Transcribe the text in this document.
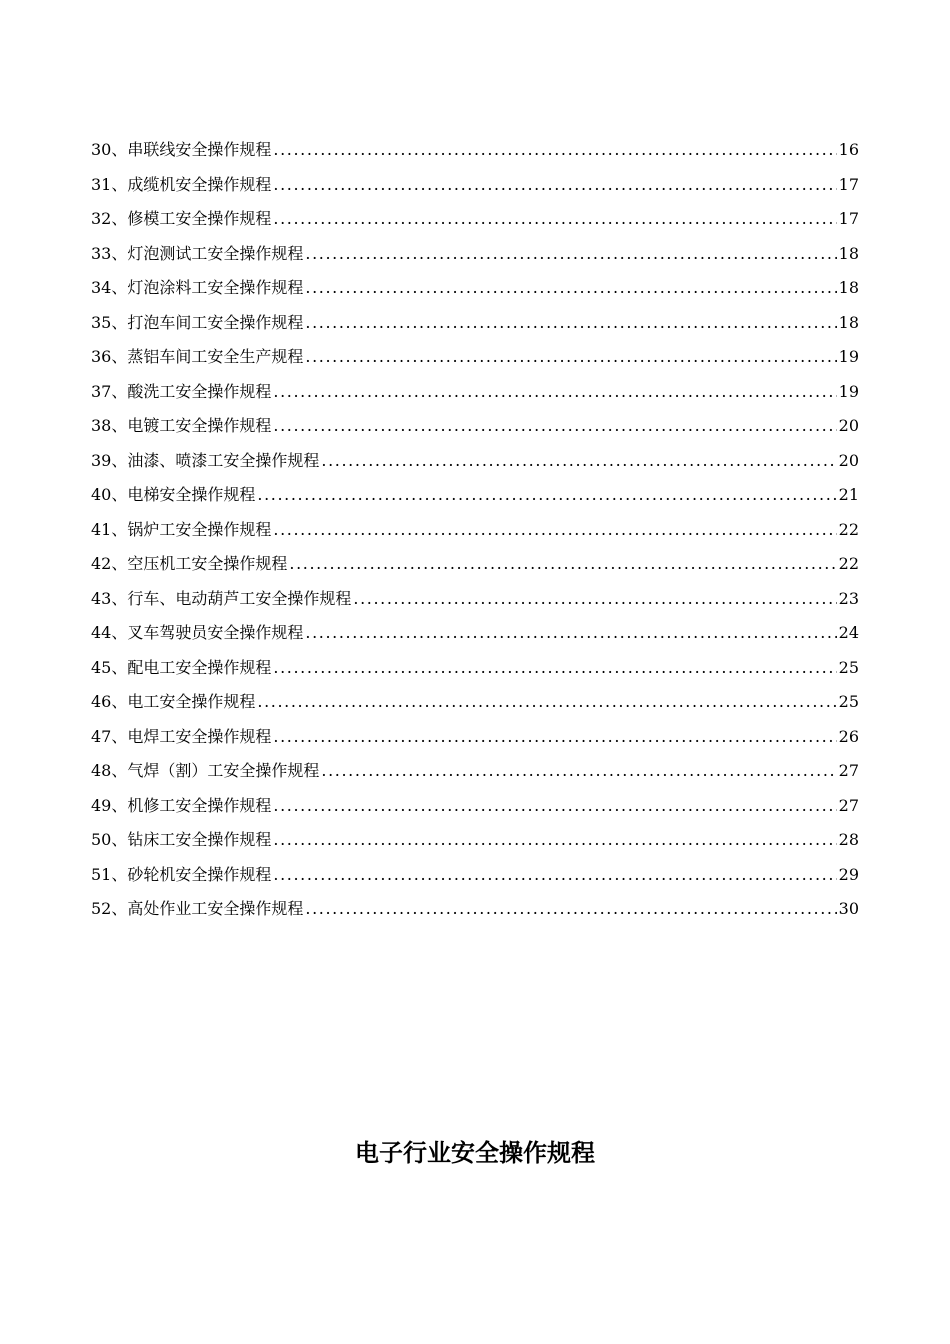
30、 串联线安全操作规程 .....	16
31、 成缆机安全操作规程 .....	17
32、 修模工安全操作规程 .....	17
33、 灯泡测试工安全操作规程 .....	18
34、 灯泡涂料工安全操作规程 .....	18
35、 打泡车间工安全操作规程 .....	18
36、 蒸铝车间工安全生产规程 .....	19
37、 酸洗工安全操作规程 .....	19
38、 电镀工安全操作规程 .....	20
39、 油漆、喷漆工安全操作规程 .....	20
40、 电梯安全操作规程 .....	21
41、 锅炉工安全操作规程 .....	22
42、 空压机工安全操作规程 .....	22
43、 行车、电动葫芦工安全操作规程 .....	23
44、 叉车驾驶员安全操作规程 .....	24
45、 配电工安全操作规程 .....	25
46、 电工安全操作规程 .....	25
47、 电焊工安全操作规程 .....	26
48、 气焊（割）工安全操作规程 .....	27
49、 机修工安全操作规程 .....	27
50、 钻床工安全操作规程 .....	28
51、 砂轮机安全操作规程 .....	29
52、 高处作业工安全操作规程 .....	30
电子行业安全操作规程
